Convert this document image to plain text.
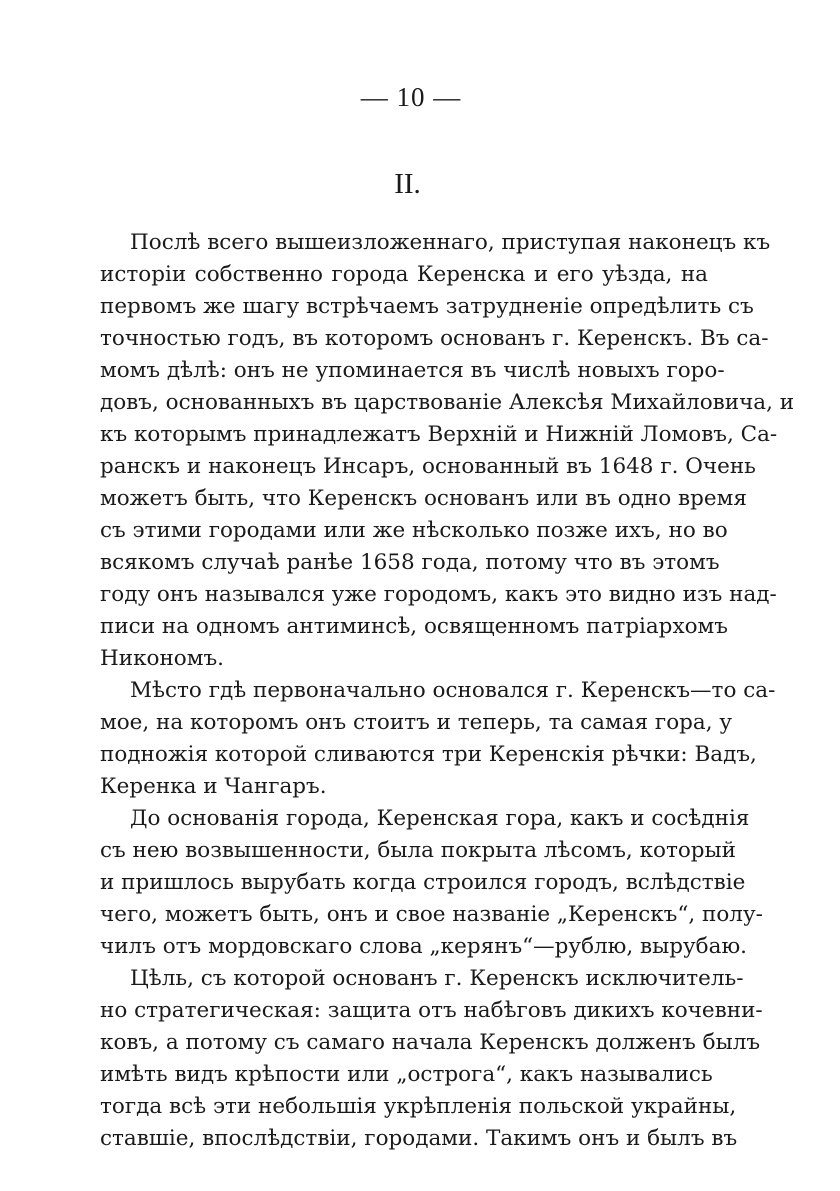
— 10 —
II.
Послѣ всего вышеизложеннаго, приступая наконецъ къ
исторіи собственно города Керенска и его уѣзда, на
первомъ же шагу встрѣчаемъ затрудненіе опредѣлить съ
точностью годъ, въ которомъ основанъ г. Керенскъ. Въ са-
момъ дѣлѣ: онъ не упоминается въ числѣ новыхъ горо-
довъ, основанныхъ въ царствованіе Алексѣя Михайловича, и
къ которымъ принадлежатъ Верхній и Нижній Ломовъ, Са-
ранскъ и наконецъ Инсаръ, основанный въ 1648 г. Очень
можетъ быть, что Керенскъ основанъ или въ одно время
съ этими городами или же нѣсколько позже ихъ, но во
всякомъ случаѣ ранѣе 1658 года, потому что въ этомъ
году онъ назывался уже городомъ, какъ это видно изъ над-
писи на одномъ антиминсѣ, освященномъ патріархомъ
Никономъ.
Мѣсто гдѣ первоначально основался г. Керенскъ—то са-
мое, на которомъ онъ стоитъ и теперь, та самая гора, у
подножія которой сливаются три Керенскія рѣчки: Вадъ,
Керенка и Чангаръ.
До основанія города, Керенская гора, какъ и сосѣднія
съ нею возвышенности, была покрыта лѣсомъ, который
и пришлось вырубать когда строился городъ, вслѣдствіе
чего, можетъ быть, онъ и свое названіе „Керенскъ“, полу-
чилъ отъ мордовскаго слова „керянъ“—рублю, вырубаю.
Цѣль, съ которой основанъ г. Керенскъ исключитель-
но стратегическая: защита отъ набѣговъ дикихъ кочевни-
ковъ, а потому съ самаго начала Керенскъ долженъ былъ
имѣть видъ крѣпости или „острога“, какъ назывались
тогда всѣ эти небольшія укрѣпленія польской украйны,
ставшіе, впослѣдствіи, городами. Такимъ онъ и былъ въ
